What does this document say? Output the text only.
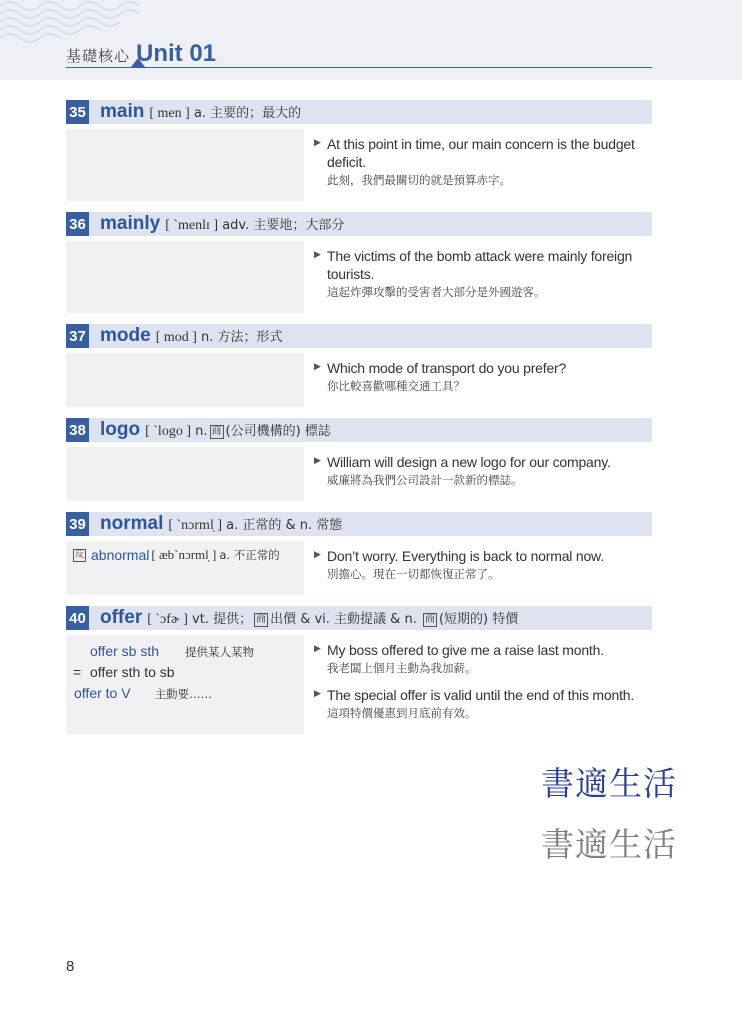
基礎核心 Unit 01
35 main [ men ] a. 主要的；最大的
▶ At this point in time, our main concern is the budget deficit.
此刻，我們最關切的就是預算赤字。
36 mainly [ ˋmenlɪ ] adv. 主要地；大部分
▶ The victims of the bomb attack were mainly foreign tourists.
這起炸彈攻擊的受害者大部分是外國遊客。
37 mode [ mod ] n. 方法；形式
▶ Which mode of transport do you prefer?
你比較喜歡哪種交通工具？
38 logo [ ˋlogo ] n. 商 (公司機構的) 標誌
▶ William will design a new logo for our company.
威廉將為我們公司設計一款新的標誌。
39 normal [ ˋnɔrml̩ ] a. 正常的 & n. 常態
反 abnormal [ æbˋnɔrml̩ ] a. 不正常的	▶ Don’t worry. Everything is back to normal now.
別擔心。現在一切都恢復正常了。
40 offer [ ˋɔfɚ ] vt. 提供； 商 出價 & vi. 主動提議 & n. 商 (短期的) 特價
offer sb sth 提供某人某物
= offer sth to sb
offer to V 主動要……
▶ My boss offered to give me a raise last month.
我老闆上個月主動為我加薪。
▶ The special offer is valid until the end of this month.
這項特價優惠到月底前有效。
書適生活
書適生活
8
